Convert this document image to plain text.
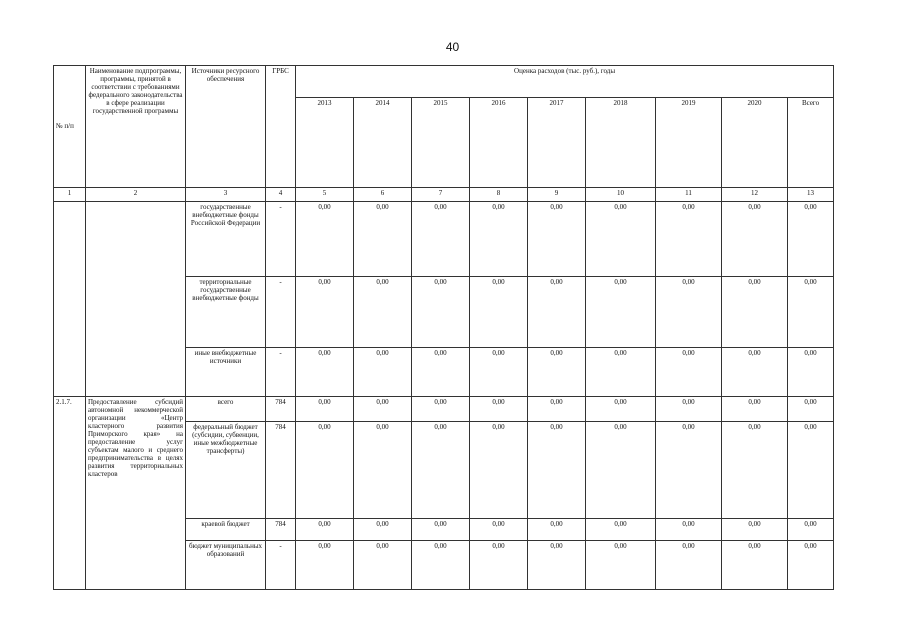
40
№ п/п	Наименование подпрограммы, программы, принятой в соответствии с требованиями федерального законодательства в сфере реализации государственной программы	Источники ресурсного обеспечения	ГРБС	Оценка расходов (тыс. руб.), годы								
				2013	2014	2015	2016	2017	2018	2019	2020	Всего
1	2	3	4	5	6	7	8	9	10	11	12	13
		государственные внебюджетные фонды Российской Федерации	-	0,00	0,00	0,00	0,00	0,00	0,00	0,00	0,00	0,00
		территориальные государственные внебюджетные фонды	-	0,00	0,00	0,00	0,00	0,00	0,00	0,00	0,00	0,00
		иные внебюджетные источники	-	0,00	0,00	0,00	0,00	0,00	0,00	0,00	0,00	0,00
2.1.7.	Предоставление субсидий автономной некоммерческой организации «Центр кластерного развития Приморского края» на предоставление услуг субъектам малого и среднего предпринимательства в целях развития территориальных кластеров	всего	784	0,00	0,00	0,00	0,00	0,00	0,00	0,00	0,00	0,00
		федеральный бюджет (субсидии, субвенции, иные межбюджетные трансферты)	784	0,00	0,00	0,00	0,00	0,00	0,00	0,00	0,00	0,00
		краевой бюджет	784	0,00	0,00	0,00	0,00	0,00	0,00	0,00	0,00	0,00
		бюджет муниципальных образований	-	0,00	0,00	0,00	0,00	0,00	0,00	0,00	0,00	0,00
